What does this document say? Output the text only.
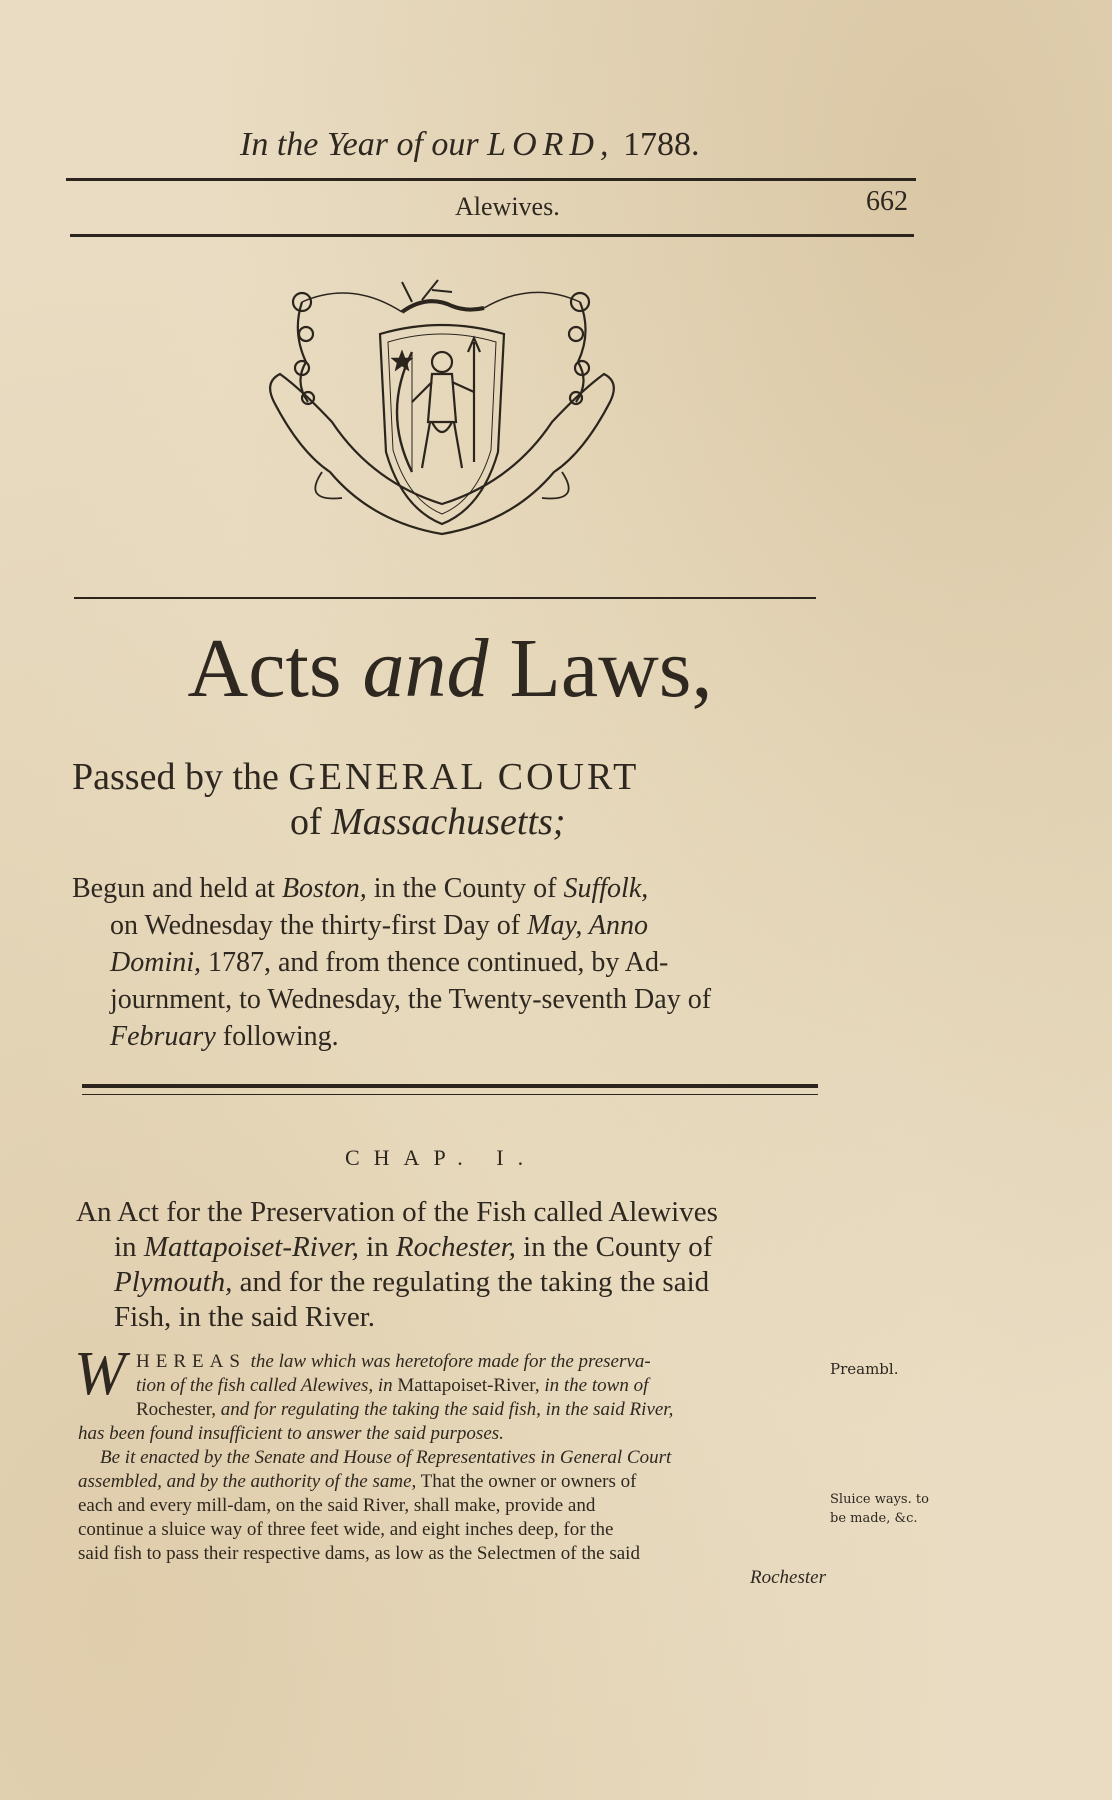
In the Year of our LORD, 1788.
Alewives.	662
Acts and Laws,
Passed by the GENERAL COURT
of Massachusetts;
Begun and held at Boston, in the County of Suffolk,
on Wednesday the thirty-first Day of May, Anno
Domini, 1787, and from thence continued, by Ad-
journment, to Wednesday, the Twenty-seventh Day of
February following.
CHAP. I.
An Act for the Preservation of the Fish called Alewives
in Mattapoiset-River, in Rochester, in the County of
Plymouth, and for the regulating the taking the said
Fish, in the said River.
W HEREAS the law which was heretofore made for the preserva-
tion of the fish called Alewives, in Mattapoiset-River, in the town of
Rochester, and for regulating the taking the said fish, in the said River,
has been found insufficient to answer the said purposes.
Be it enacted by the Senate and House of Representatives in General Court
assembled, and by the authority of the same, That the owner or owners of
each and every mill-dam, on the said River, shall make, provide and
continue a sluice way of three feet wide, and eight inches deep, for the
said fish to pass their respective dams, as low as the Selectmen of the said
Rochester
Preambl.
Sluice ways. to
be made, &c.
